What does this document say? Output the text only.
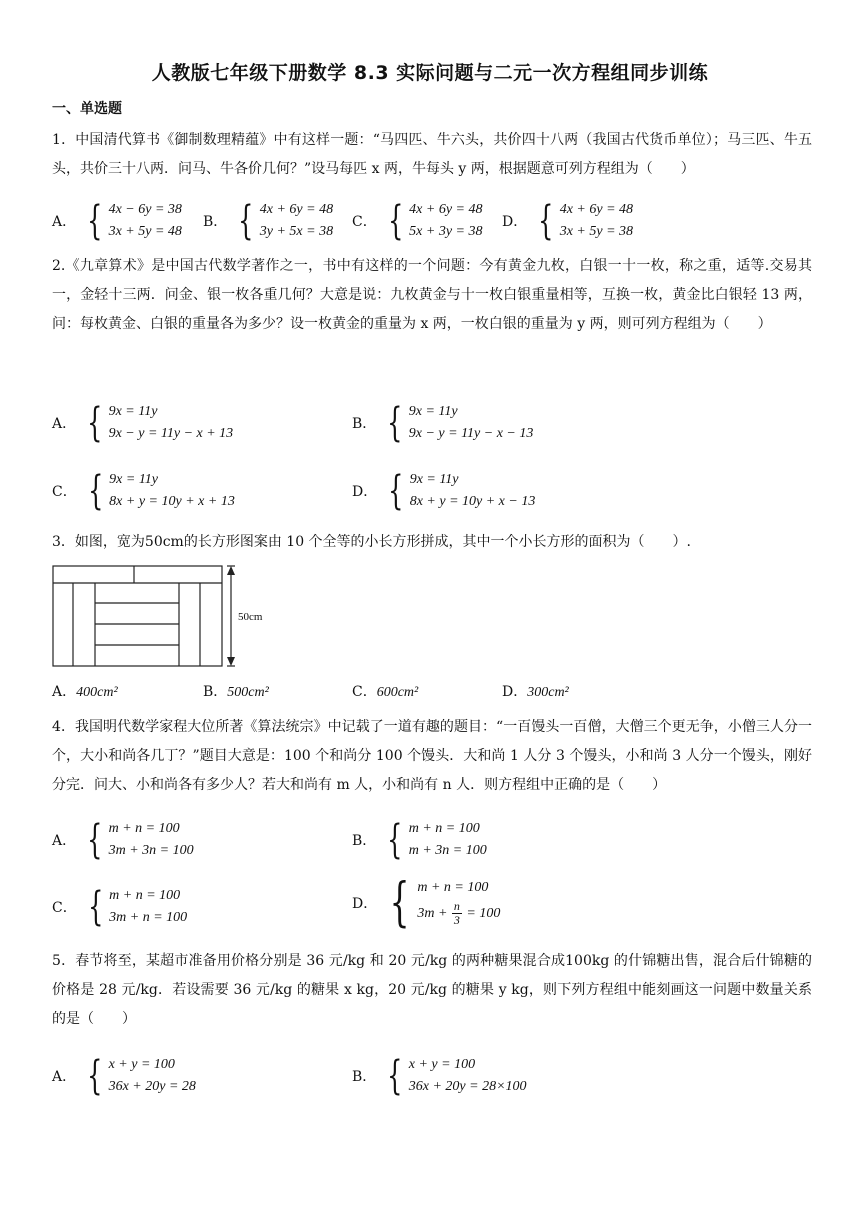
人教版七年级下册数学 8.3 实际问题与二元一次方程组同步训练
一、单选题
1．中国清代算书《御制数理精蕴》中有这样一题：“马四匹、牛六头，共价四十八两（我国古代货币单位）；马三匹、牛五头，共价三十八两．问马、牛各价几何？”设马每匹 x 两，牛每头 y 两，根据题意可列方程组为（　　）
A． { 4x − 6y = 38
3x + 5y = 48
B． { 4x + 6y = 48
3y + 5x = 38
C． { 4x + 6y = 48
5x + 3y = 38
D． { 4x + 6y = 48
3x + 5y = 38
2.《九章算术》是中国古代数学著作之一，书中有这样的一个问题：今有黄金九枚，白银一十一枚，称之重，适等.交易其一，金轻十三两．问金、银一枚各重几何？大意是说：九枚黄金与十一枚白银重量相等，互换一枚，黄金比白银轻 13 两，问：每枚黄金、白银的重量各为多少？设一枚黄金的重量为 x 两，一枚白银的重量为 y 两，则可列方程组为（　　）
A． { 9x = 11y
9x − y = 11y − x + 13
B． { 9x = 11y
9x − y = 11y − x − 13
C． { 9x = 11y
8x + y = 10y + x + 13
D． { 9x = 11y
8x + y = 10y + x − 13
3．如图，宽为50cm的长方形图案由 10 个全等的小长方形拼成，其中一个小长方形的面积为（　　）.
50cm
A．400cm²	B．500cm²	C．600cm²	D．300cm²
4．我国明代数学家程大位所著《算法统宗》中记载了一道有趣的题目：“一百馒头一百僧，大僧三个更无争，小僧三人分一个，大小和尚各几丁？”题目大意是：100 个和尚分 100 个馒头．大和尚 1 人分 3 个馒头，小和尚 3 人分一个馒头，刚好分完．问大、小和尚各有多少人？若大和尚有 m 人，小和尚有 n 人．则方程组中正确的是（　　）
A． { m + n = 100
3m + 3n = 100
B． { m + n = 100
m + 3n = 100
C． { m + n = 100
3m + n = 100
D． { m + n = 100
$3m + \frac{n}{3} = 100$
5．春节将至，某超市准备用价格分别是 36 元/kg 和 20 元/kg 的两种糖果混合成100kg 的什锦糖出售，混合后什锦糖的价格是 28 元/kg．若设需要 36 元/kg 的糖果 x kg，20 元/kg 的糖果 y kg，则下列方程组中能刻画这一问题中数量关系的是（　　）
A． { x + y = 100
36x + 20y = 28
B． { x + y = 100
36x + 20y = 28×100
